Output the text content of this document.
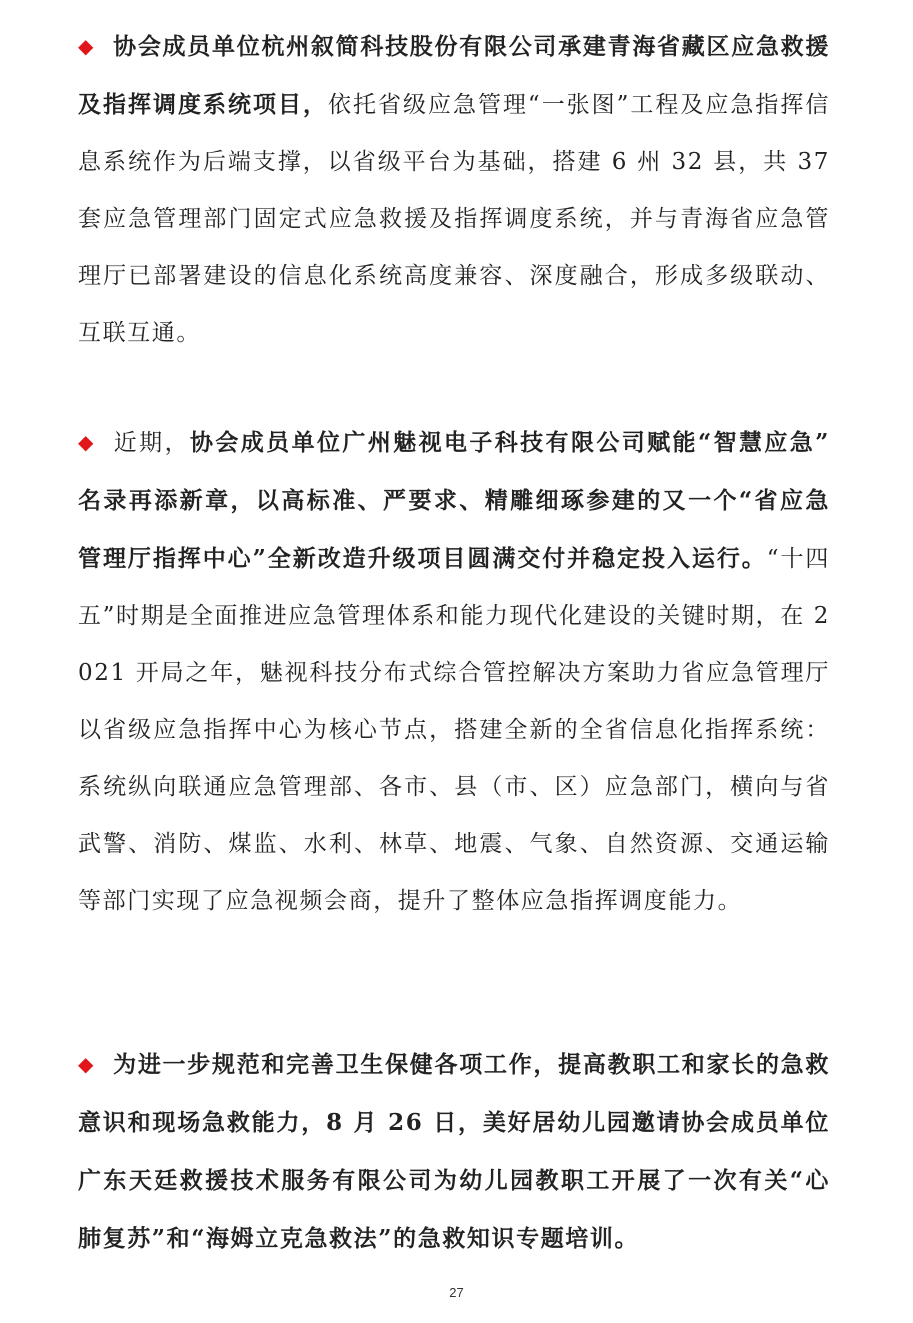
◆ 协会成员单位杭州叙简科技股份有限公司承建青海省藏区应急救援及指挥调度系统项目，依托省级应急管理“一张图”工程及应急指挥信息系统作为后端支撑，以省级平台为基础，搭建 6 州 32 县，共 37 套应急管理部门固定式应急救援及指挥调度系统，并与青海省应急管理厅已部署建设的信息化系统高度兼容、深度融合，形成多级联动、互联互通。

◆ 近期，协会成员单位广州魅视电子科技有限公司赋能“智慧应急”名录再添新章，以高标准、严要求、精雕细琢参建的又一个“省应急管理厅指挥中心”全新改造升级项目圆满交付并稳定投入运行。“十四五”时期是全面推进应急管理体系和能力现代化建设的关键时期，在 2021 开局之年，魅视科技分布式综合管控解决方案助力省应急管理厅以省级应急指挥中心为核心节点，搭建全新的全省信息化指挥系统：系统纵向联通应急管理部、各市、县（市、区）应急部门，横向与省武警、消防、煤监、水利、林草、地震、气象、自然资源、交通运输等部门实现了应急视频会商，提升了整体应急指挥调度能力。

◆ 为进一步规范和完善卫生保健各项工作，提高教职工和家长的急救意识和现场急救能力，8 月 26 日，美好居幼儿园邀请协会成员单位广东天廷救援技术服务有限公司为幼儿园教职工开展了一次有关“心肺复苏”和“海姆立克急救法”的急救知识专题培训。

27
